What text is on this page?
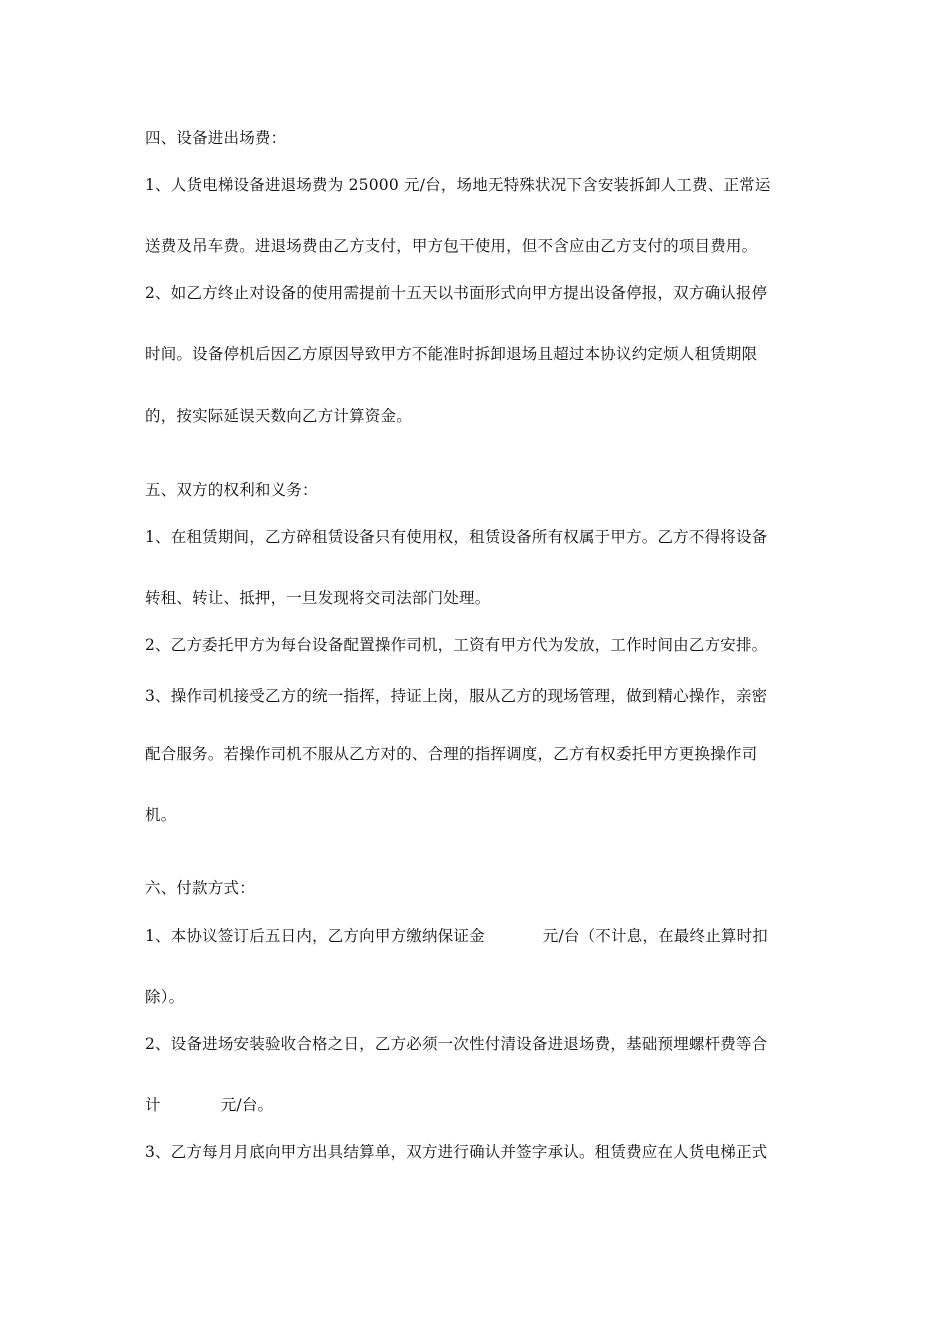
四、设备进出场费：
1、人货电梯设备进退场费为 25000 元/台，场地无特殊状况下含安装拆卸人工费、正常运
送费及吊车费。进退场费由乙方支付，甲方包干使用，但不含应由乙方支付的项目费用。
2、如乙方终止对设备的使用需提前十五天以书面形式向甲方提出设备停报，双方确认报停
时间。设备停机后因乙方原因导致甲方不能准时拆卸退场且超过本协议约定烦人租赁期限
的，按实际延误天数向乙方计算资金。
五、双方的权利和义务：
1、在租赁期间，乙方碎租赁设备只有使用权，租赁设备所有权属于甲方。乙方不得将设备
转租、转让、抵押，一旦发现将交司法部门处理。
2、乙方委托甲方为每台设备配置操作司机，工资有甲方代为发放，工作时间由乙方安排。
3、操作司机接受乙方的统一指挥，持证上岗，服从乙方的现场管理，做到精心操作，亲密
配合服务。若操作司机不服从乙方对的、合理的指挥调度，乙方有权委托甲方更换操作司
机。
六、付款方式：
1、本协议签订后五日内，乙方向甲方缴纳保证金	元/台（不计息，在最终止算时扣
除）。
2、设备进场安装验收合格之日，乙方必须一次性付清设备进退场费，基础预埋螺杆费等合
计	元/台。
3、乙方每月月底向甲方出具结算单，双方进行确认并签字承认。租赁费应在人货电梯正式
